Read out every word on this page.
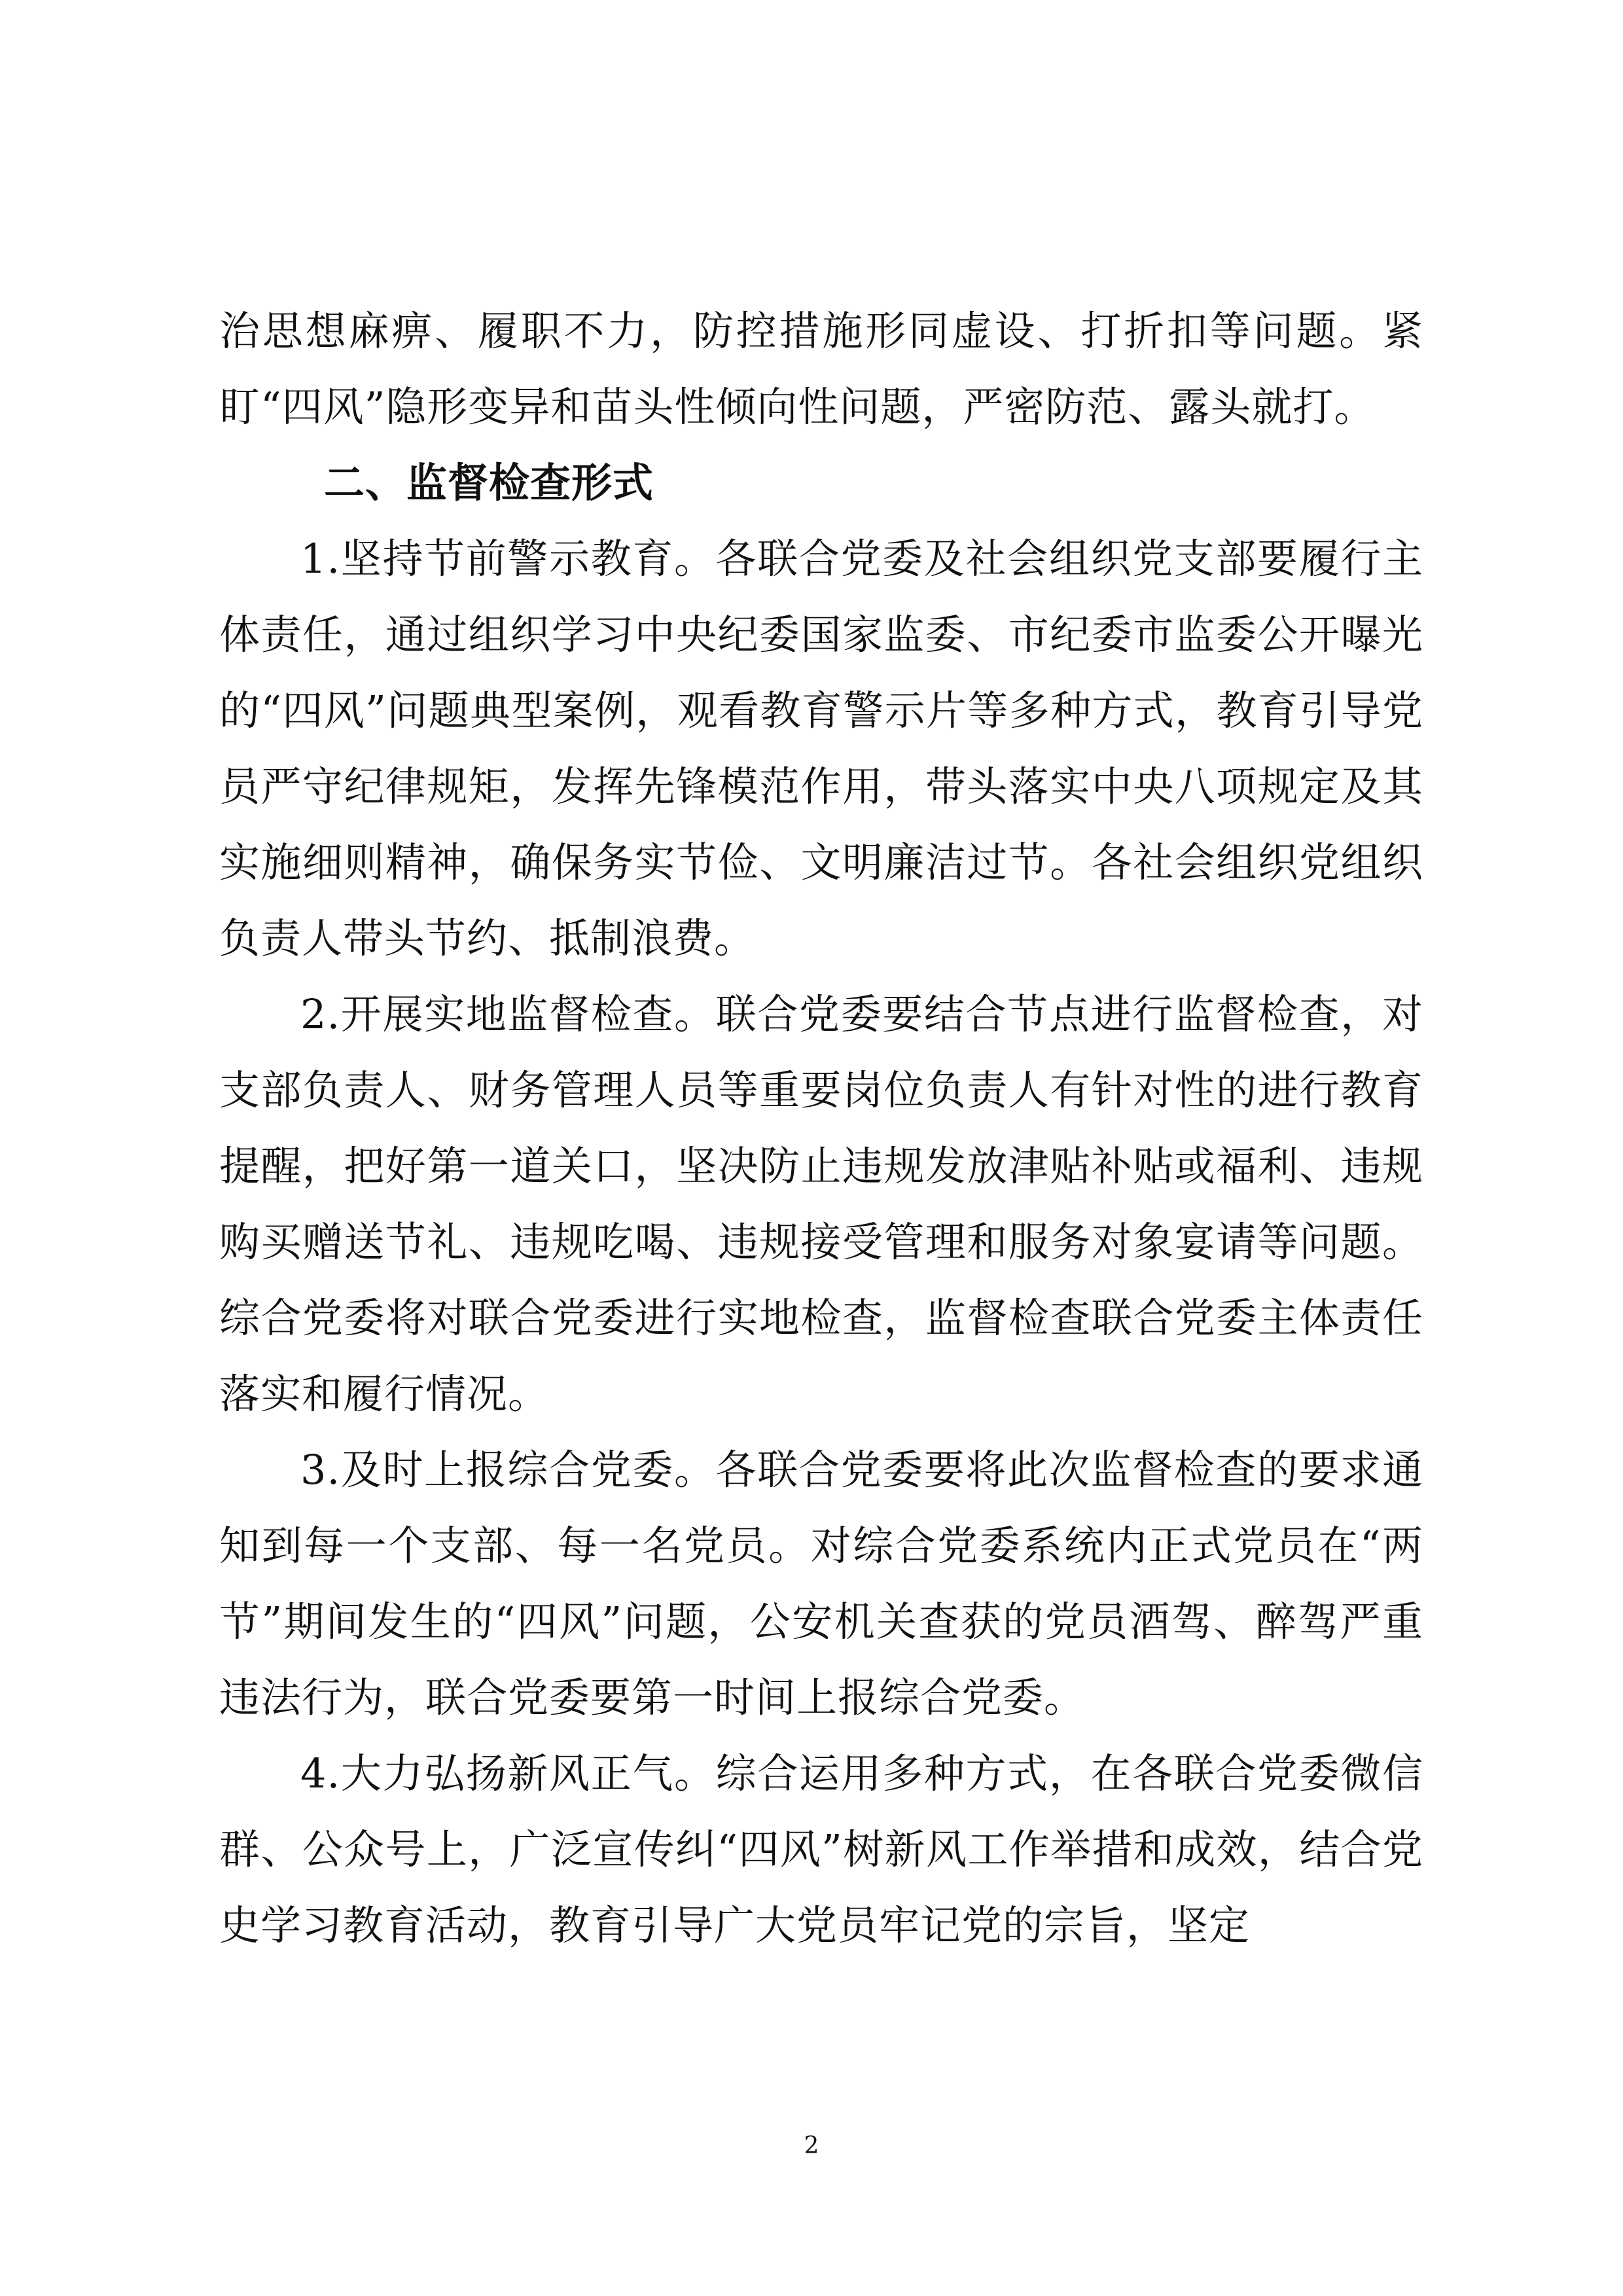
治思想麻痹、履职不力，防控措施形同虚设、打折扣等问题。紧盯“四风”隐形变异和苗头性倾向性问题，严密防范、露头就打。

二、监督检查形式

1.坚持节前警示教育。各联合党委及社会组织党支部要履行主体责任，通过组织学习中央纪委国家监委、市纪委市监委公开曝光的“四风”问题典型案例，观看教育警示片等多种方式，教育引导党员严守纪律规矩，发挥先锋模范作用，带头落实中央八项规定及其实施细则精神，确保务实节俭、文明廉洁过节。各社会组织党组织负责人带头节约、抵制浪费。

2.开展实地监督检查。联合党委要结合节点进行监督检查，对支部负责人、财务管理人员等重要岗位负责人有针对性的进行教育提醒，把好第一道关口，坚决防止违规发放津贴补贴或福利、违规购买赠送节礼、违规吃喝、违规接受管理和服务对象宴请等问题。综合党委将对联合党委进行实地检查，监督检查联合党委主体责任落实和履行情况。

3.及时上报综合党委。各联合党委要将此次监督检查的要求通知到每一个支部、每一名党员。对综合党委系统内正式党员在“两节”期间发生的“四风”问题，公安机关查获的党员酒驾、醉驾严重违法行为，联合党委要第一时间上报综合党委。

4.大力弘扬新风正气。综合运用多种方式，在各联合党委微信群、公众号上，广泛宣传纠“四风”树新风工作举措和成效，结合党史学习教育活动，教育引导广大党员牢记党的宗旨，坚定

2
